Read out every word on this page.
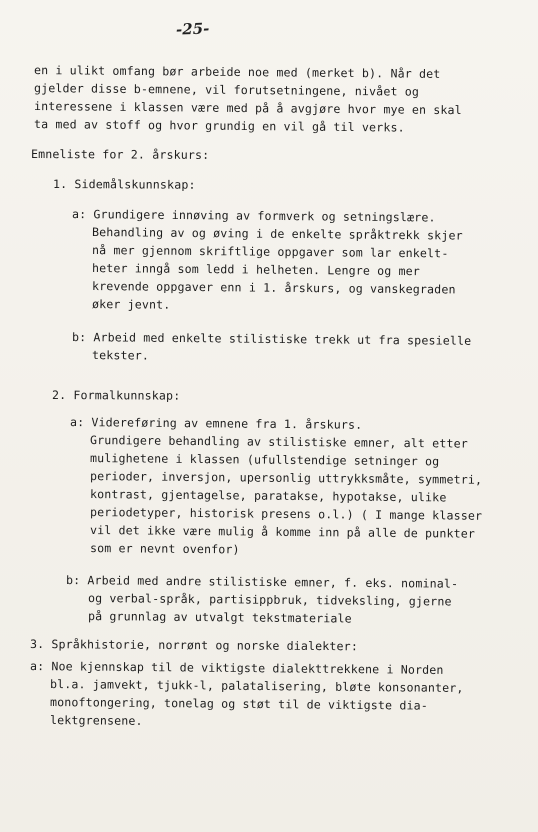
-25-
en i ulikt omfang bør arbeide noe med (merket b). Når det
gjelder disse b-emnene, vil forutsetningene, nivået og
interessene i klassen være med på å avgjøre hvor mye en skal
ta med av stoff og hvor grundig en vil gå til verks.
Emneliste for 2. årskurs:
1. Sidemålskunnskap:
a: Grundigere innøving av formverk og setningslære.
Behandling av og øving i de enkelte språktrekk skjer
nå mer gjennom skriftlige oppgaver som lar enkelt-
heter inngå som ledd i helheten. Lengre og mer
krevende oppgaver enn i 1. årskurs, og vanskegraden
øker jevnt.
b: Arbeid med enkelte stilistiske trekk ut fra spesielle
tekster.
2. Formalkunnskap:
a: Videreføring av emnene fra 1. årskurs.
Grundigere behandling av stilistiske emner, alt etter
mulighetene i klassen (ufullstendige setninger og
perioder, inversjon, upersonlig uttrykksmåte, symmetri,
kontrast, gjentagelse, paratakse, hypotakse, ulike
periodetyper, historisk presens o.l.) ( I mange klasser
vil det ikke være mulig å komme inn på alle de punkter
som er nevnt ovenfor)
b: Arbeid med andre stilistiske emner, f. eks. nominal-
og verbal-språk, partisippbruk, tidveksling, gjerne
på grunnlag av utvalgt tekstmateriale
3. Språkhistorie, norrønt og norske dialekter:
a: Noe kjennskap til de viktigste dialekttrekkene i Norden
bl.a. jamvekt, tjukk-l, palatalisering, bløte konsonanter,
monoftongering, tonelag og støt til de viktigste dia-
lektgrensene.
